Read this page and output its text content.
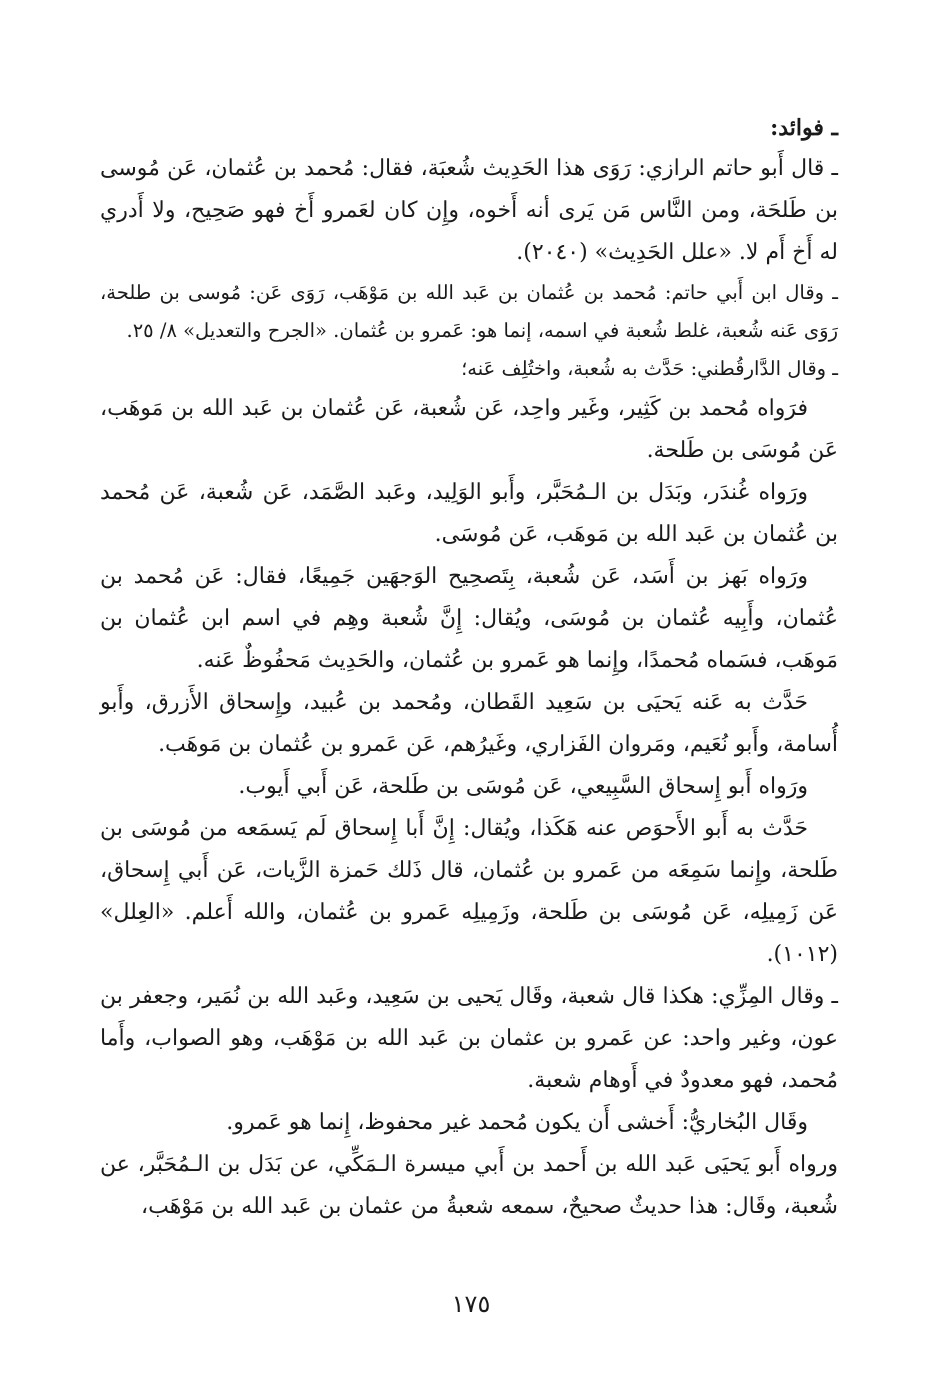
ـ فوائد:

ـ قال أَبو حاتم الرازي: رَوَى هذا الحَدِيث شُعبَة، فقال: مُحمد بن عُثمان، عَن مُوسى بن طَلحَة، ومن النَّاس مَن يَرى أنه أَخوه، وإِن كان لعَمرو أَخ فهو صَحِيح، ولا أَدري له أَخ أَم لا. «علل الحَدِيث» (٢٠٤٠).

ـ وقال ابن أَبي حاتم: مُحمد بن عُثمان بن عَبد الله بن مَوْهَب، رَوَى عَن: مُوسى بن طلحة، رَوَى عَنه شُعبة، غلط شُعبة في اسمه، إنما هو: عَمرو بن عُثمان. «الجرح والتعديل» ٨/ ٢٥.

ـ وقال الدَّارقُطني: حَدَّث به شُعبة، واختُلِف عَنه؛

فرَواه مُحمد بن كَثِير، وغَير واحِد، عَن شُعبة، عَن عُثمان بن عَبد الله بن مَوهَب، عَن مُوسَى بن طَلحة.

ورَواه غُندَر، وبَدَل بن الـمُحَبَّر، وأَبو الوَلِيد، وعَبد الصَّمَد، عَن شُعبة، عَن مُحمد بن عُثمان بن عَبد الله بن مَوهَب، عَن مُوسَى.

ورَواه بَهز بن أَسَد، عَن شُعبة، بِتَصحِيح الوَجهَين جَمِيعًا، فقال: عَن مُحمد بن عُثمان، وأَبِيه عُثمان بن مُوسَى، ويُقال: إِنَّ شُعبة وهِم في اسم ابن عُثمان بن مَوهَب، فسَماه مُحمدًا، وإِنما هو عَمرو بن عُثمان، والحَدِيث مَحفُوظٌ عَنه.

حَدَّث به عَنه يَحيَى بن سَعِيد القَطان، ومُحمد بن عُبيد، وإِسحاق الأَزرق، وأَبو أُسامة، وأَبو نُعَيم، ومَروان الفَزاري، وغَيرُهم، عَن عَمرو بن عُثمان بن مَوهَب.

ورَواه أَبو إِسحاق السَّبِيعي، عَن مُوسَى بن طَلحة، عَن أَبي أَيوب.

حَدَّث به أَبو الأَحوَص عنه هَكَذا، ويُقال: إِنَّ أَبا إِسحاق لَم يَسمَعه من مُوسَى بن طَلحة، وإِنما سَمِعَه من عَمرو بن عُثمان، قال ذَلك حَمزة الزَّيات، عَن أَبي إِسحاق، عَن زَمِيلِه، عَن مُوسَى بن طَلحة، وزَمِيلِه عَمرو بن عُثمان، والله أَعلم. «العِلل» (١٠١٢).

ـ وقال المِزِّي: هكذا قال شعبة، وقَال يَحيى بن سَعِيد، وعَبد الله بن نُمَير، وجعفر بن عون، وغير واحد: عن عَمرو بن عثمان بن عَبد الله بن مَوْهَب، وهو الصواب، وأَما مُحمد، فهو معدودٌ في أَوهام شعبة.

وقَال البُخاريُّ: أَخشى أَن يكون مُحمد غير محفوظ، إِنما هو عَمرو.

ورواه أَبو يَحيَى عَبد الله بن أَحمد بن أَبي ميسرة الـمَكِّي، عن بَدَل بن الـمُحَبَّر، عن شُعبة، وقَال: هذا حديثٌ صحيحٌ، سمعه شعبةُ من عثمان بن عَبد الله بن مَوْهَب،

١٧٥
